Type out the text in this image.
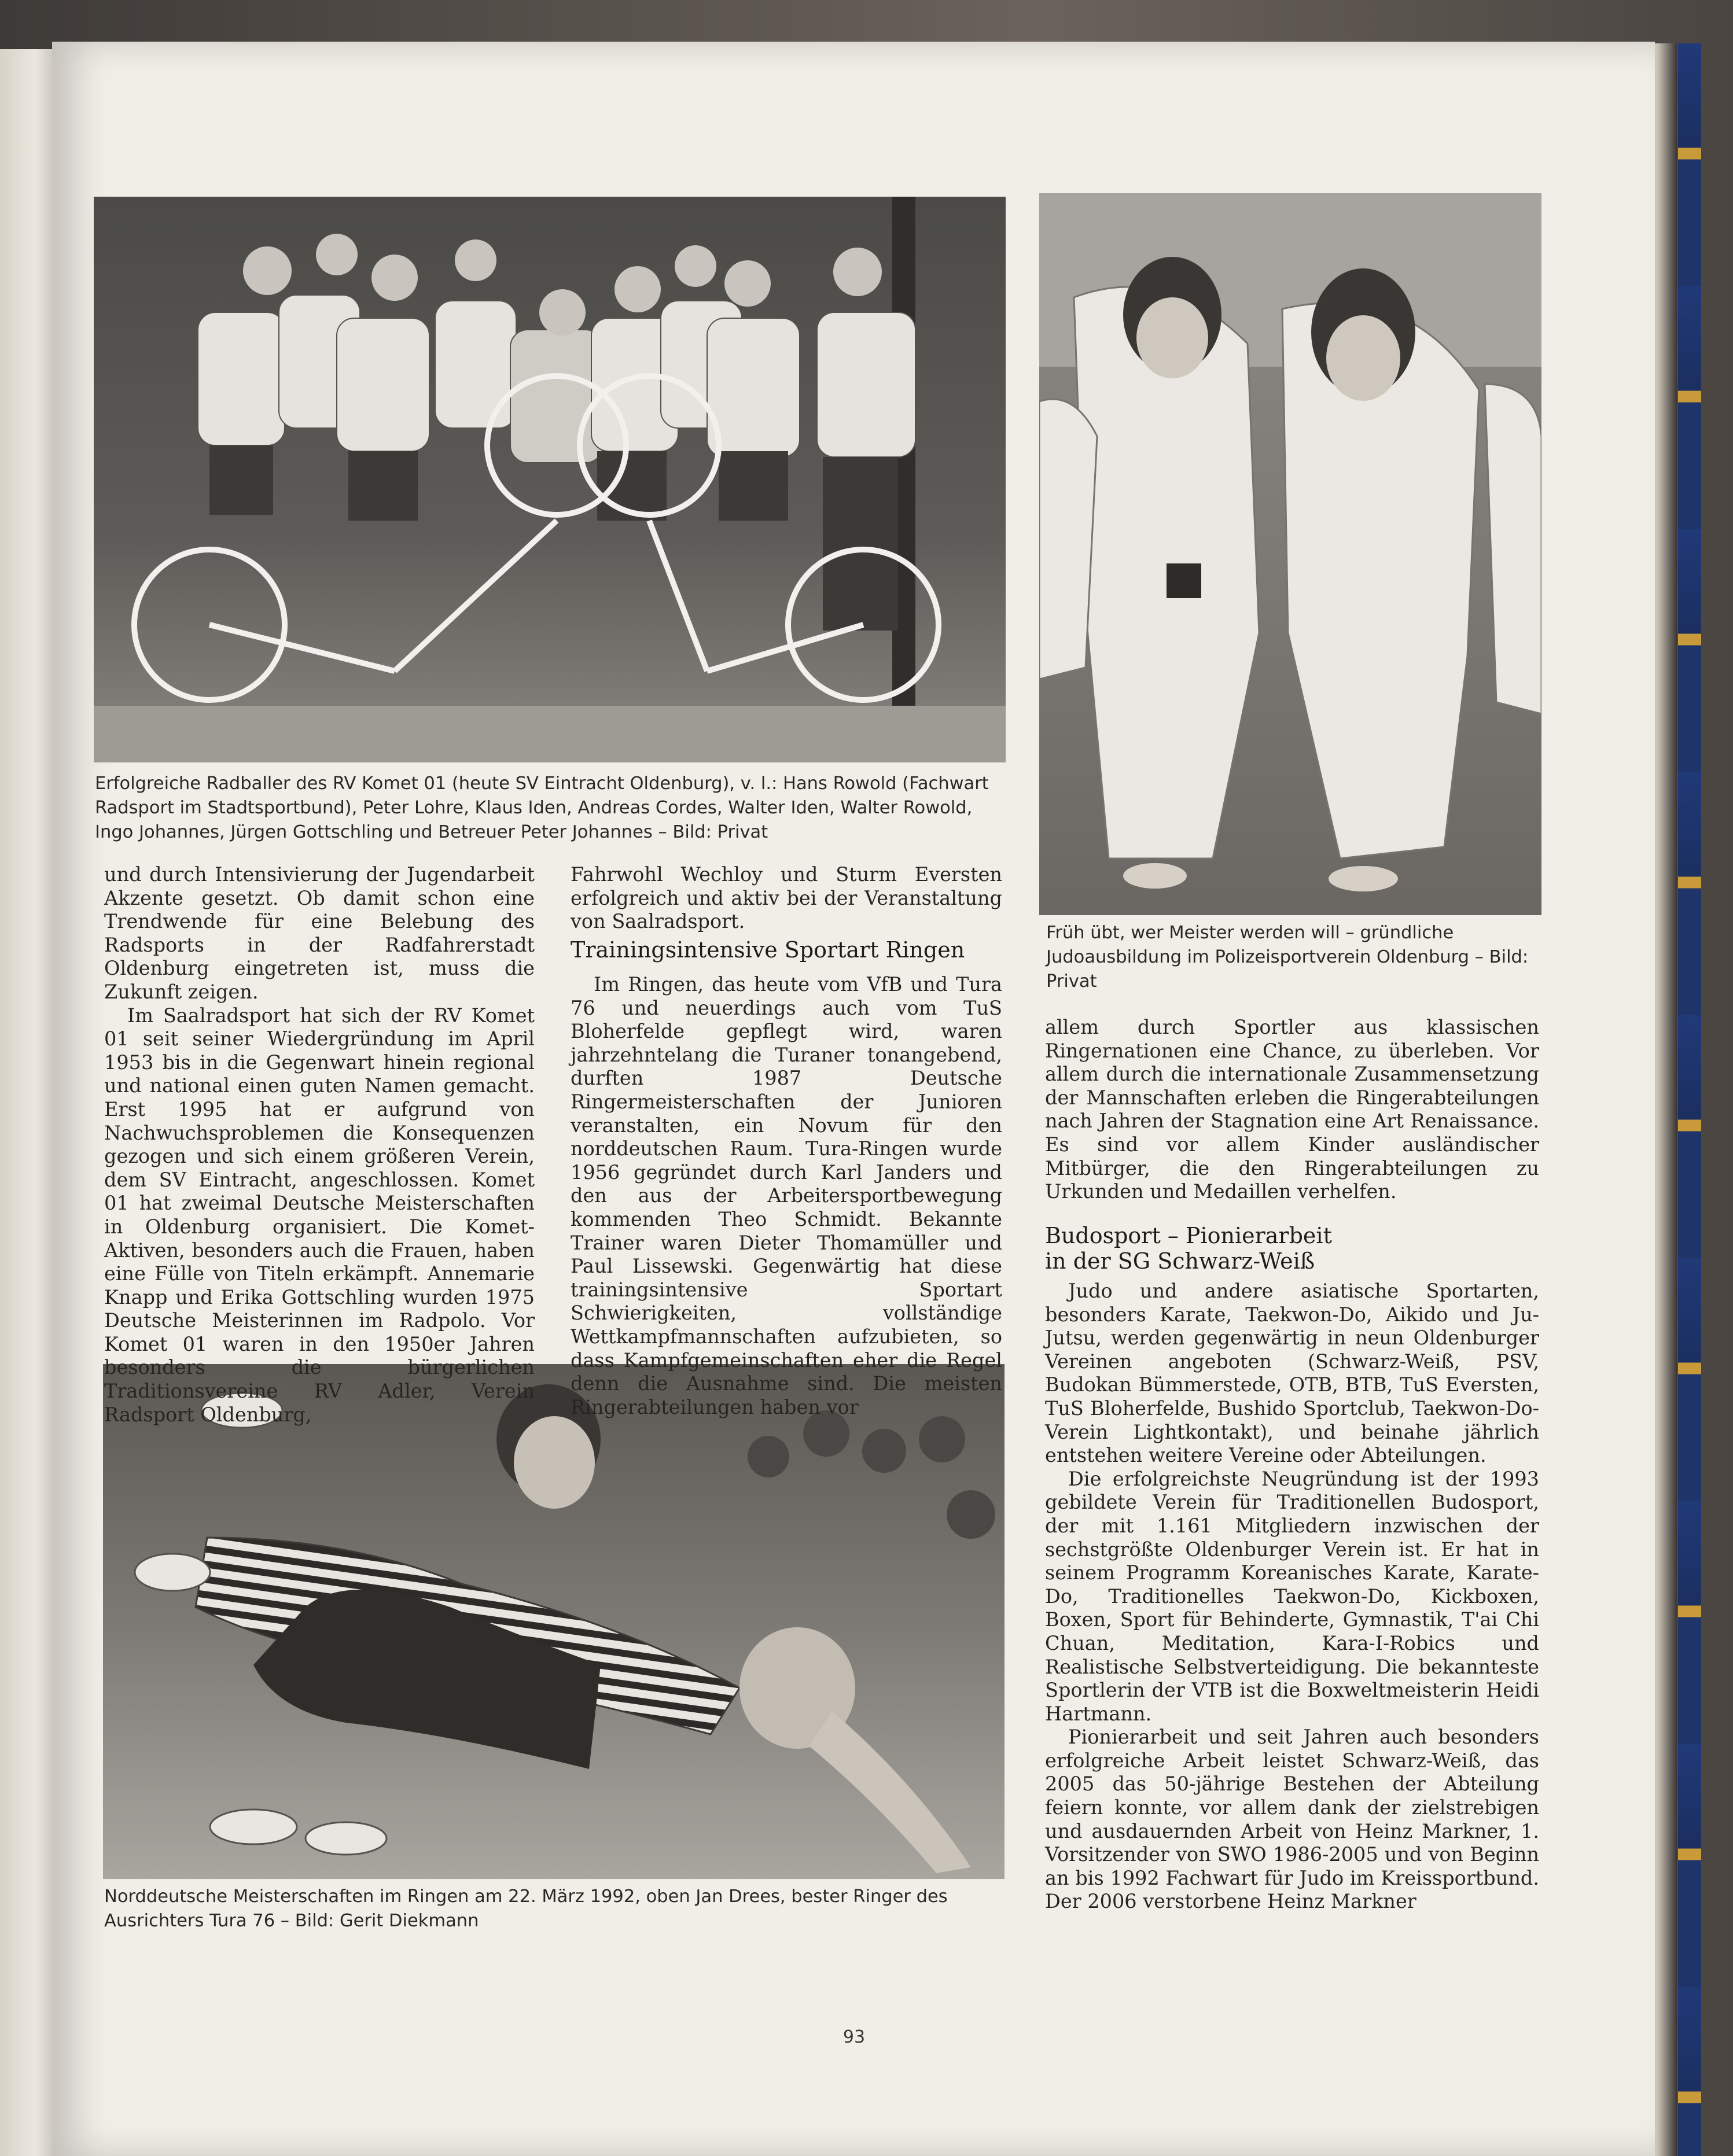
Erfolgreiche Radballer des RV Komet 01 (heute SV Eintracht Oldenburg), v. l.: Hans Rowold (Fachwart Radsport im Stadtsportbund), Peter Lohre, Klaus Iden, Andreas Cordes, Walter Iden, Walter Rowold, Ingo Johannes, Jürgen Gottschling und Betreuer Peter Johannes – Bild: Privat

Früh übt, wer Meister werden will – gründliche Judoausbildung im Polizeisportverein Oldenburg – Bild: Privat

Norddeutsche Meisterschaften im Ringen am 22. März 1992, oben Jan Drees, bester Ringer des Ausrichters Tura 76 – Bild: Gerit Diekmann

und durch Intensivierung der Jugendarbeit Akzente gesetzt. Ob damit schon eine Trendwende für eine Belebung des Radsports in der Radfahrerstadt Oldenburg eingetreten ist, muss die Zukunft zeigen.

Im Saalradsport hat sich der RV Komet 01 seit seiner Wiedergründung im April 1953 bis in die Gegenwart hinein regional und national einen guten Namen gemacht. Erst 1995 hat er aufgrund von Nachwuchsproblemen die Konsequenzen gezogen und sich einem größeren Verein, dem SV Eintracht, angeschlossen. Komet 01 hat zweimal Deutsche Meisterschaften in Oldenburg organisiert. Die Komet-Aktiven, besonders auch die Frauen, haben eine Fülle von Titeln erkämpft. Annemarie Knapp und Erika Gottschling wurden 1975 Deutsche Meisterinnen im Radpolo. Vor Komet 01 waren in den 1950er Jahren besonders die bürgerlichen Traditionsvereine RV Adler, Verein Radsport Oldenburg,

Fahrwohl Wechloy und Sturm Eversten erfolgreich und aktiv bei der Veranstaltung von Saalradsport.
Trainingsintensive Sportart Ringen

Im Ringen, das heute vom VfB und Tura 76 und neuerdings auch vom TuS Bloherfelde gepflegt wird, waren jahrzehntelang die Turaner tonangebend, durften 1987 Deutsche Ringermeisterschaften der Junioren veranstalten, ein Novum für den norddeutschen Raum. Tura-Ringen wurde 1956 gegründet durch Karl Janders und den aus der Arbeitersportbewegung kommenden Theo Schmidt. Bekannte Trainer waren Dieter Thomamüller und Paul Lissewski. Gegenwärtig hat diese trainingsintensive Sportart Schwierigkeiten, vollständige Wettkampfmannschaften aufzubieten, so dass Kampfgemeinschaften eher die Regel denn die Ausnahme sind. Die meisten Ringerabteilungen haben vor

allem durch Sportler aus klassischen Ringernationen eine Chance, zu überleben. Vor allem durch die internationale Zusammensetzung der Mannschaften erleben die Ringerabteilungen nach Jahren der Stagnation eine Art Renaissance. Es sind vor allem Kinder ausländischer Mitbürger, die den Ringerabteilungen zu Urkunden und Medaillen verhelfen.
Budosport – Pionierarbeit in der SG Schwarz-Weiß

Judo und andere asiatische Sportarten, besonders Karate, Taekwon-Do, Aikido und Ju-Jutsu, werden gegenwärtig in neun Oldenburger Vereinen angeboten (Schwarz-Weiß, PSV, Budokan Bümmerstede, OTB, BTB, TuS Eversten, TuS Bloherfelde, Bushido Sportclub, Taekwon-Do-Verein Lightkontakt), und beinahe jährlich entstehen weitere Vereine oder Abteilungen.

Die erfolgreichste Neugründung ist der 1993 gebildete Verein für Traditionellen Budosport, der mit 1.161 Mitgliedern inzwischen der sechstgrößte Oldenburger Verein ist. Er hat in seinem Programm Koreanisches Karate, Karate-Do, Traditionelles Taekwon-Do, Kickboxen, Boxen, Sport für Behinderte, Gymnastik, T'ai Chi Chuan, Meditation, Kara-I-Robics und Realistische Selbstverteidigung. Die bekannteste Sportlerin der VTB ist die Boxweltmeisterin Heidi Hartmann.

Pionierarbeit und seit Jahren auch besonders erfolgreiche Arbeit leistet Schwarz-Weiß, das 2005 das 50-jährige Bestehen der Abteilung feiern konnte, vor allem dank der zielstrebigen und ausdauernden Arbeit von Heinz Markner, 1. Vorsitzender von SWO 1986-2005 und von Beginn an bis 1992 Fachwart für Judo im Kreissportbund. Der 2006 verstorbene Heinz Markner

93
